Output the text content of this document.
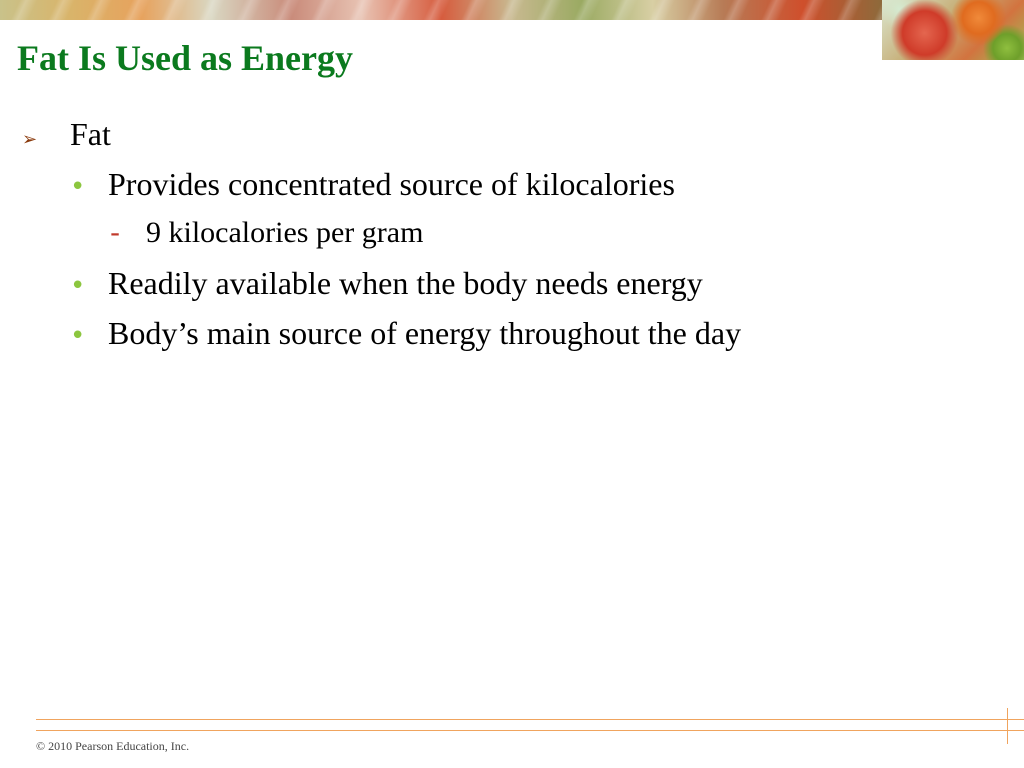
Fat Is Used as Energy
➢	Fat
• Provides concentrated source of kilocalories
- 9 kilocalories per gram
• Readily available when the body needs energy
• Body’s main source of energy throughout the day
© 2010 Pearson Education, Inc.
